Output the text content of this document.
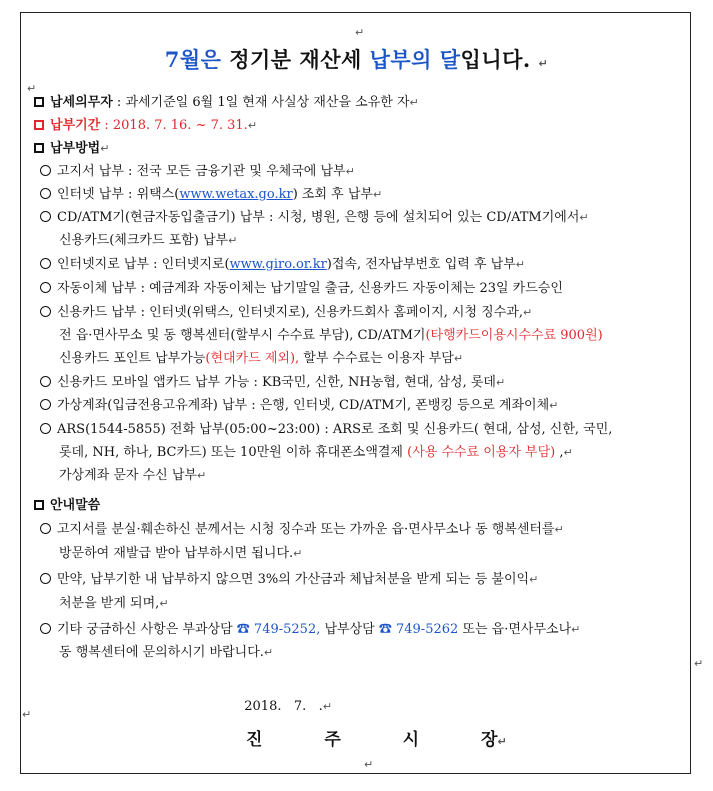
↵
7월은 정기분 재산세 납부의 달입니다. ↵
↵
납세의무자 : 과세기준일 6월 1일 현재 사실상 재산을 소유한 자↵
납부기간 : 2018. 7. 16. ~ 7. 31.↵
납부방법↵
고지서 납부 : 전국 모든 금융기관 및 우체국에 납부↵
인터넷 납부 : 위택스(www.wetax.go.kr) 조회 후 납부↵
CD/ATM기(현금자동입출금기) 납부 : 시청, 병원, 은행 등에 설치되어 있는 CD/ATM기에서↵
신용카드(체크카드 포함) 납부↵
인터넷지로 납부 : 인터넷지로(www.giro.or.kr)접속, 전자납부번호 입력 후 납부↵
자동이체 납부 : 예금계좌 자동이체는 납기말일 출금, 신용카드 자동이체는 23일 카드승인
신용카드 납부 : 인터넷(위택스, 인터넷지로), 신용카드회사 홈페이지, 시청 징수과,↵
전 읍·면사무소 및 동 행복센터(할부시 수수료 부담), CD/ATM기(타행카드이용시수수료 900원)
신용카드 포인트 납부가능(현대카드 제외), 할부 수수료는 이용자 부담↵
신용카드 모바일 앱카드 납부 가능 : KB국민, 신한, NH농협, 현대, 삼성, 롯데↵
가상계좌(입금전용고유계좌) 납부 : 은행, 인터넷, CD/ATM기, 폰뱅킹 등으로 계좌이체↵
ARS(1544-5855) 전화 납부(05:00~23:00) : ARS로 조회 및 신용카드( 현대, 삼성, 신한, 국민,
롯데, NH, 하나, BC카드) 또는 10만원 이하 휴대폰소액결제 (사용 수수료 이용자 부담) ,↵
가상계좌 문자 수신 납부↵
안내말씀
고지서를 분실·훼손하신 분께서는 시청 징수과 또는 가까운 읍·면사무소나 동 행복센터를↵
방문하여 재발급 받아 납부하시면 됩니다.↵
만약, 납부기한 내 납부하지 않으면 3%의 가산금과 체납처분을 받게 되는 등 불이익↵
처분을 받게 되며,↵
기타 궁금하신 사항은 부과상담 ☎ 749-5252, 납부상담 ☎ 749-5262 또는 읍·면사무소나↵
동 행복센터에 문의하시기 바랍니다.↵
↵

2018.   7.   .↵

↵
진 주 시 장↵
↵
